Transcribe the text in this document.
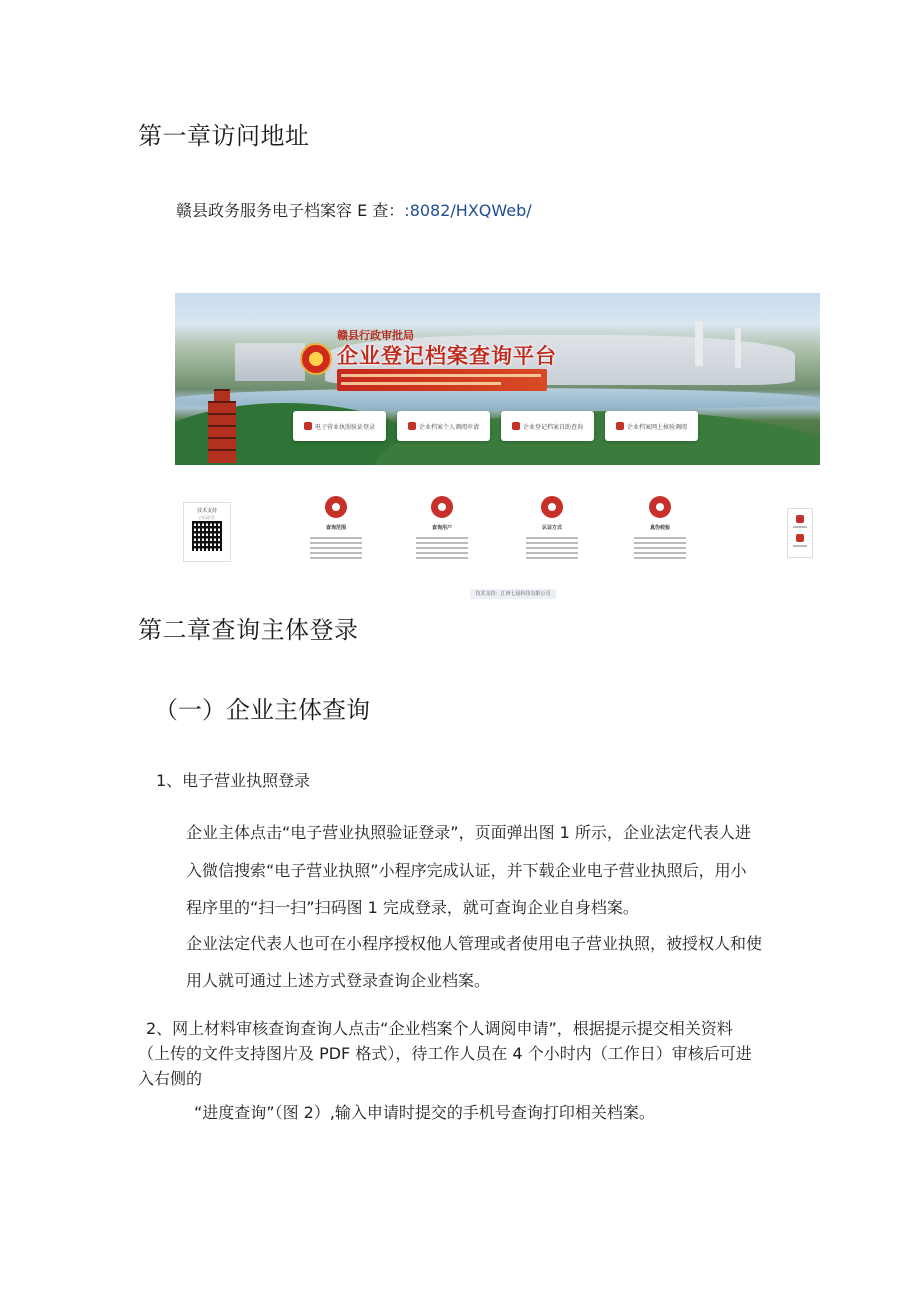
第一章访问地址
赣县政务服务电子档案容 E 查：:8082/HXQWeb/
赣县行政审批局
企业登记档案查询平台
电子营业执照验证登录	企业档案个人调阅申请	企业登记档案自助查询	企业档案网上核验调阅
技术支持
扫码联系
查询范围	查询用户	认证方式	真伪校验
技术支持：江西七晨科技有限公司
第二章查询主体登录
（一）企业主体查询
1、电子营业执照登录
企业主体点击“电子营业执照验证登录”，页面弹出图 1 所示，企业法定代表人进
入微信搜索“电子营业执照”小程序完成认证，并下载企业电子营业执照后，用小
程序里的“扫一扫”扫码图 1 完成登录，就可查询企业自身档案。
企业法定代表人也可在小程序授权他人管理或者使用电子营业执照，被授权人和使
用人就可通过上述方式登录查询企业档案。
2、网上材料审核查询查询人点击“企业档案个人调阅申请”，根据提示提交相关资料
（上传的文件支持图片及 PDF 格式），待工作人员在 4 个小时内（工作日）审核后可进
入右侧的
“进度查询”（图 2）,输入申请时提交的手机号查询打印相关档案。
